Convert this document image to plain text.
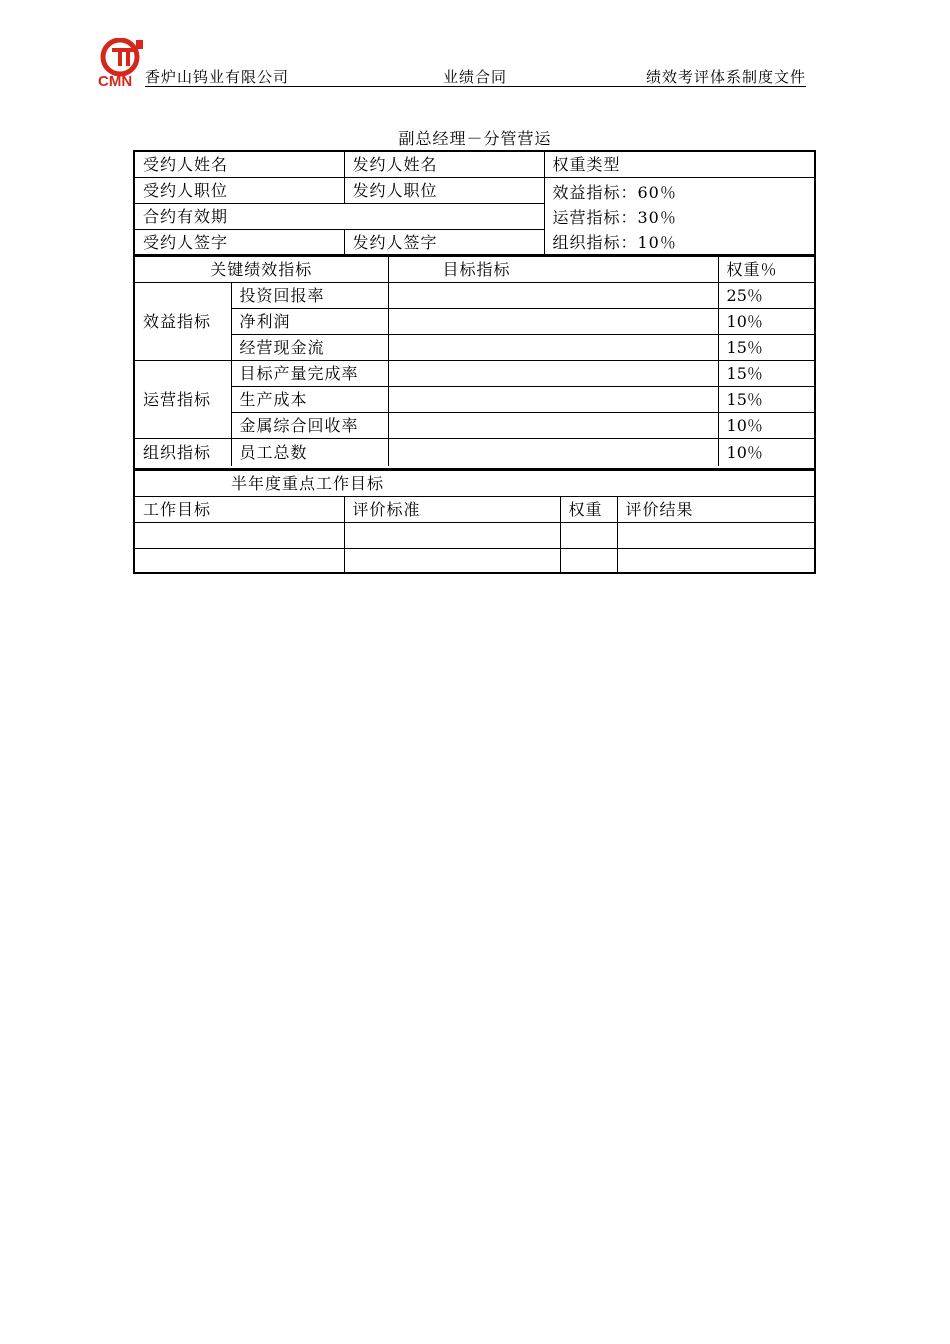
CMN 香炉山钨业有限公司	业绩合同	绩效考评体系制度文件
副总经理－分管营运
受约人姓名	发约人姓名	权重类型
受约人职位	发约人职位	效益指标：60％
运营指标：30％
组织指标：10％

合约有效期		
受约人签字	发约人签字	
关键绩效指标		目标指标	权重％
效益指标	投资回报率		25％
	净利润		10％
	经营现金流		15％
运营指标	目标产量完成率		15％
	生产成本		15％
	金属综合回收率		10％
组织指标	员工总数		10％
半年度重点工作目标			
工作目标	评价标准	权重	评价结果
